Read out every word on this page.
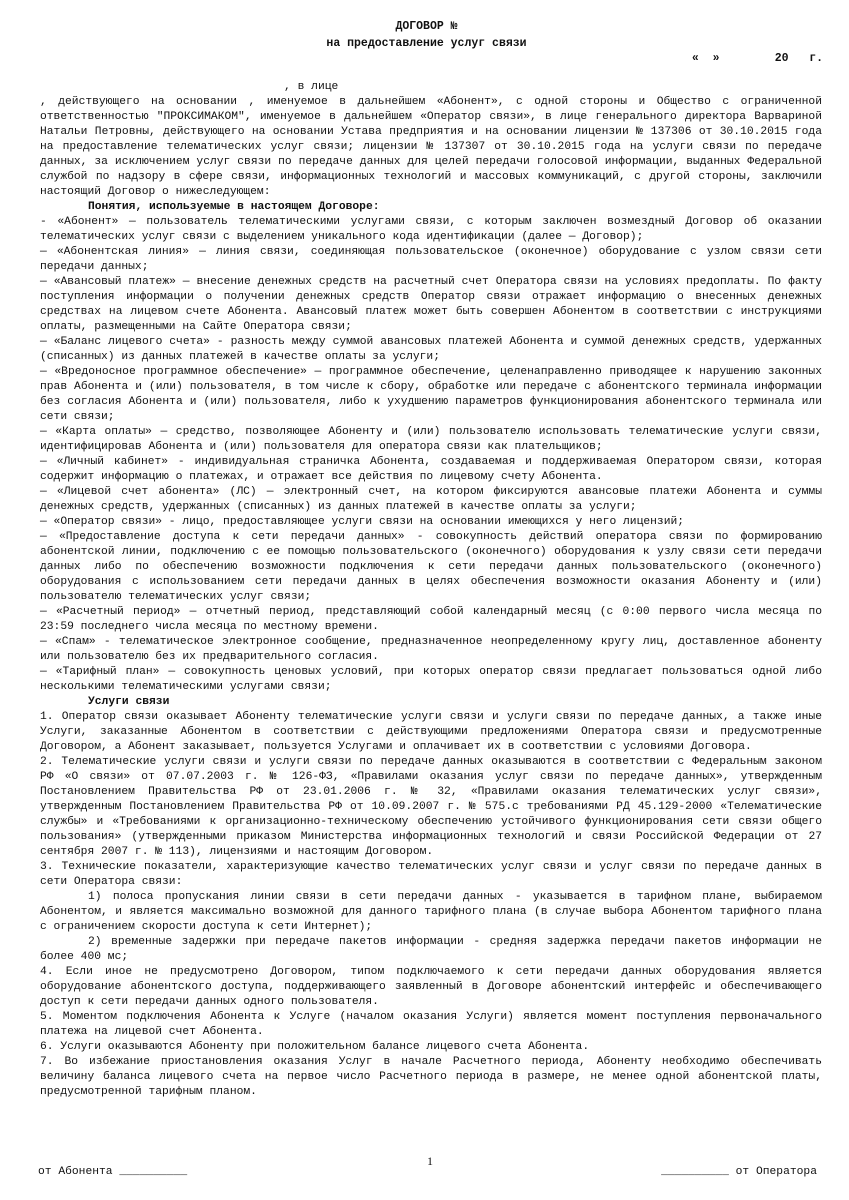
ДОГОВОР №
на предоставление услуг связи
«  »        20   г.

, в лице

, действующего на основании , именуемое в дальнейшем «Абонент», с одной стороны и Общество с ограниченной ответственностью "ПРОКСИМАКОМ", именуемое в дальнейшем «Оператор связи», в лице генерального директора Варвариной Натальи Петровны, действующего на основании Устава предприятия и на основании лицензии № 137306 от 30.10.2015 года на предоставление телематических услуг связи; лицензии № 137307 от 30.10.2015 года на услуги связи по передаче данных, за исключением услуг связи по передаче данных для целей передачи голосовой информации, выданных Федеральной службой по надзору в сфере связи, информационных технологий и массовых коммуникаций, с другой стороны, заключили настоящий Договор о нижеследующем:

Понятия, используемые в настоящем Договоре:

- «Абонент» — пользователь телематическими услугами связи, с которым заключен возмездный Договор об оказании телематических услуг связи с выделением уникального кода идентификации (далее — Договор);

— «Абонентская линия» — линия связи, соединяющая пользовательское (оконечное) оборудование с узлом связи сети передачи данных;

— «Авансовый платеж» — внесение денежных средств на расчетный счет Оператора связи на условиях предоплаты. По факту поступления информации о получении денежных средств Оператор связи отражает информацию о внесенных денежных средствах на лицевом счете Абонента. Авансовый платеж может быть совершен Абонентом в соответствии с инструкциями оплаты, размещенными на Сайте Оператора связи;

— «Баланс лицевого счета» - разность между суммой авансовых платежей Абонента и суммой денежных средств, удержанных (списанных) из данных платежей в качестве оплаты за услуги;

— «Вредоносное программное обеспечение» — программное обеспечение, целенаправленно приводящее к нарушению законных прав Абонента и (или) пользователя, в том числе к сбору, обработке или передаче с абонентского терминала информации без согласия Абонента и (или) пользователя, либо к ухудшению параметров функционирования абонентского терминала или сети связи;

— «Карта оплаты» — средство, позволяющее Абоненту и (или) пользователю использовать телематические услуги связи, идентифицировав Абонента и (или) пользователя для оператора связи как плательщиков;

— «Личный кабинет» - индивидуальная страничка Абонента, создаваемая и поддерживаемая Оператором связи, которая содержит информацию о платежах, и отражает все действия по лицевому счету Абонента.

— «Лицевой счет абонента» (ЛС) — электронный счет, на котором фиксируются авансовые платежи Абонента и суммы денежных средств, удержанных (списанных) из данных платежей в качестве оплаты за услуги;

— «Оператор связи» - лицо, предоставляющее услуги связи на основании имеющихся у него лицензий;

— «Предоставление доступа к сети передачи данных» - совокупность действий оператора связи по формированию абонентской линии, подключению с ее помощью пользовательского (оконечного) оборудования к узлу связи сети передачи данных либо по обеспечению возможности подключения к сети передачи данных пользовательского (оконечного) оборудования с использованием сети передачи данных в целях обеспечения возможности оказания Абоненту и (или) пользователю телематических услуг связи;

— «Расчетный период» — отчетный период, представляющий собой календарный месяц (с 0:00 первого числа месяца по 23:59 последнего числа месяца по местному времени.

— «Спам» - телематическое электронное сообщение, предназначенное неопределенному кругу лиц, доставленное абоненту или пользователю без их предварительного согласия.

— «Тарифный план» — совокупность ценовых условий, при которых оператор связи предлагает пользоваться одной либо несколькими телематическими услугами связи;

Услуги связи

1. Оператор связи оказывает Абоненту телематические услуги связи и услуги связи по передаче данных, а также иные Услуги, заказанные Абонентом в соответствии с действующими предложениями Оператора связи и предусмотренные Договором, а Абонент заказывает, пользуется Услугами и оплачивает их в соответствии с условиями Договора.

2. Телематические услуги связи и услуги связи по передаче данных оказываются в соответствии с Федеральным законом РФ «О связи» от 07.07.2003 г. № 126-ФЗ, «Правилами оказания услуг связи по передаче данных», утвержденным Постановлением Правительства РФ от 23.01.2006 г. № 32, «Правилами оказания телематических услуг связи», утвержденным Постановлением Правительства РФ от 10.09.2007 г. № 575.с требованиями РД 45.129-2000 «Телематические службы» и «Требованиями к организационно-техническому обеспечению устойчивого функционирования сети связи общего пользования» (утвержденными приказом Министерства информационных технологий и связи Российской Федерации от 27 сентября 2007 г. № 113), лицензиями и настоящим Договором.

3. Технические показатели, характеризующие качество телематических услуг связи и услуг связи по передаче данных в сети Оператора связи:

1) полоса пропускания линии связи в сети передачи данных - указывается в тарифном плане, выбираемом Абонентом, и является максимально возможной для данного тарифного плана (в случае выбора Абонентом тарифного плана с ограничением скорости доступа к сети Интернет);

2) временные задержки при передаче пакетов информации - средняя задержка передачи пакетов информации не более 400 мс;

4. Если иное не предусмотрено Договором, типом подключаемого к сети передачи данных оборудования является оборудование абонентского доступа, поддерживающего заявленный в Договоре абонентский интерфейс и обеспечивающего доступ к сети передачи данных одного пользователя.

5. Моментом подключения Абонента к Услуге (началом оказания Услуги) является момент поступления первоначального платежа на лицевой счет Абонента.

6. Услуги оказываются Абоненту при положительном балансе лицевого счета Абонента.

7. Во избежание приостановления оказания Услуг в начале Расчетного периода, Абоненту необходимо обеспечивать величину баланса лицевого счета на первое число Расчетного периода в размере, не менее одной абонентской платы, предусмотренной тарифным планом.

1
от Абонента __________	__________ от Оператора
